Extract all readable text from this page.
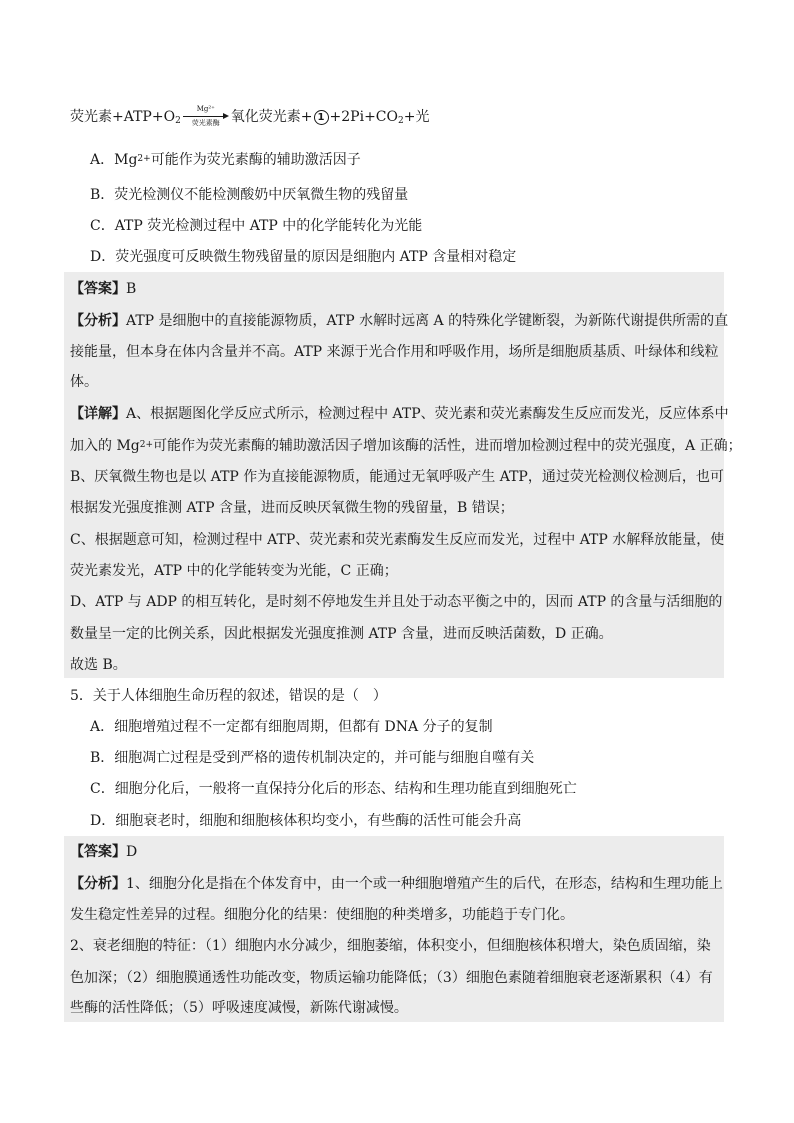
荧光素+ATP+ O 2
Mg²⁺
荧光素酶 氧化荧光素+ 1 +2Pi+ CO 2 +光
A．$Mg^{2+}$可能作为荧光素酶的辅助激活因子
B．荧光检测仪不能检测酸奶中厌氧微生物的残留量
C．ATP 荧光检测过程中 ATP 中的化学能转化为光能
D．荧光强度可反映微生物残留量的原因是细胞内 ATP 含量相对稳定
【答案】B
【分析】ATP 是细胞中的直接能源物质，ATP 水解时远离 A 的特殊化学键断裂，为新陈代谢提供所需的直
接能量，但本身在体内含量并不高。ATP 来源于光合作用和呼吸作用，场所是细胞质基质、叶绿体和线粒
体。
【详解】A、根据题图化学反应式所示，检测过程中 ATP、荧光素和荧光素酶发生反应而发光，反应体系中
加入的 $Mg^{2+}$可能作为荧光素酶的辅助激活因子增加该酶的活性，进而增加检测过程中的荧光强度，A 正确；
B、厌氧微生物也是以 ATP 作为直接能源物质，能通过无氧呼吸产生 ATP，通过荧光检测仪检测后，也可
根据发光强度推测 ATP 含量，进而反映厌氧微生物的残留量，B 错误；
C、根据题意可知，检测过程中 ATP、荧光素和荧光素酶发生反应而发光，过程中 ATP 水解释放能量，使
荧光素发光，ATP 中的化学能转变为光能，C 正确；
D、ATP 与 ADP 的相互转化，是时刻不停地发生并且处于动态平衡之中的，因而 ATP 的含量与活细胞的
数量呈一定的比例关系，因此根据发光强度推测 ATP 含量，进而反映活菌数，D 正确。
故选 B。
5．关于人体细胞生命历程的叙述，错误的是（　）
A．细胞增殖过程不一定都有细胞周期，但都有 DNA 分子的复制
B．细胞凋亡过程是受到严格的遗传机制决定的，并可能与细胞自噬有关
C．细胞分化后，一般将一直保持分化后的形态、结构和生理功能直到细胞死亡
D．细胞衰老时，细胞和细胞核体积均变小，有些酶的活性可能会升高
【答案】D
【分析】1、细胞分化是指在个体发育中，由一个或一种细胞增殖产生的后代，在形态，结构和生理功能上
发生稳定性差异的过程。细胞分化的结果：使细胞的种类增多，功能趋于专门化。
2、衰老细胞的特征：（1）细胞内水分减少，细胞萎缩，体积变小，但细胞核体积增大，染色质固缩，染
色加深；（2）细胞膜通透性功能改变，物质运输功能降低；（3）细胞色素随着细胞衰老逐渐累积（4）有
些酶的活性降低；（5）呼吸速度减慢，新陈代谢减慢。
